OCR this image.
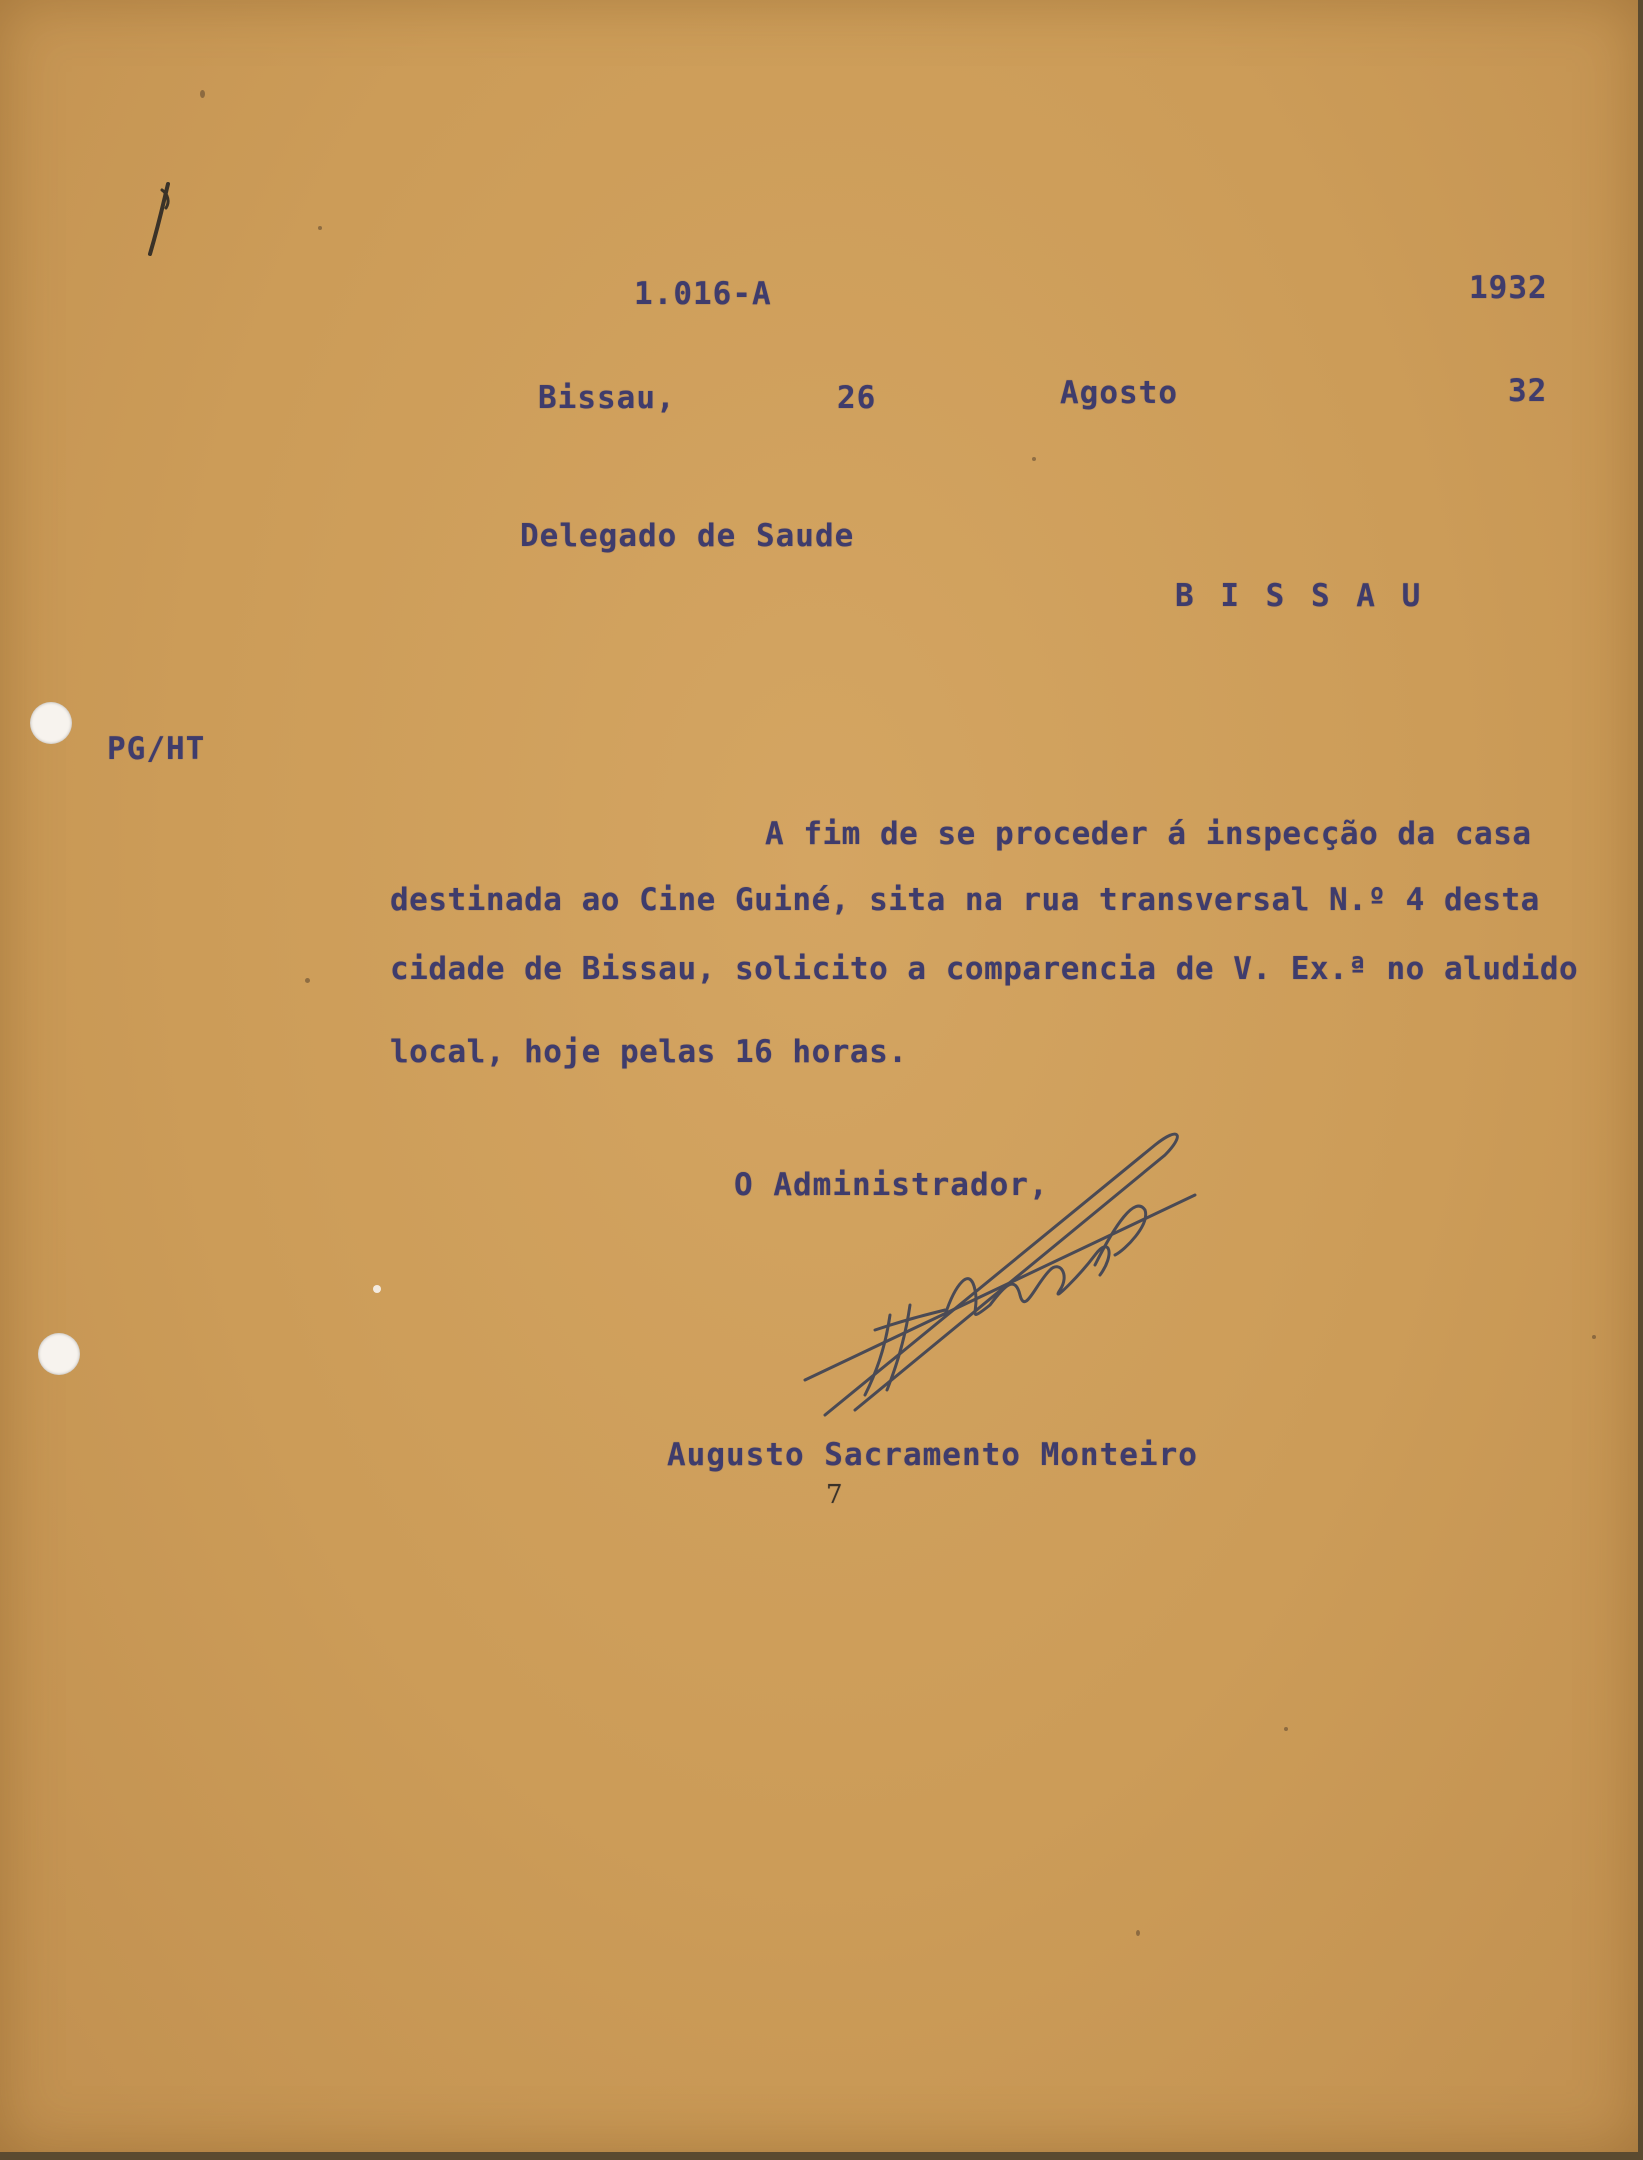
1.016-A	1932
Bissau,	26	Agosto	32
Delegado de Saude
B I S S A U
PG/HT
A fim de se proceder á inspecção da casa
destinada ao Cine Guiné, sita na rua transversal N.º 4 desta
cidade de Bissau, solicito a comparencia de V. Ex.ª no aludido
local, hoje pelas 16 horas.
O Administrador,
Augusto Sacramento Monteiro
7
